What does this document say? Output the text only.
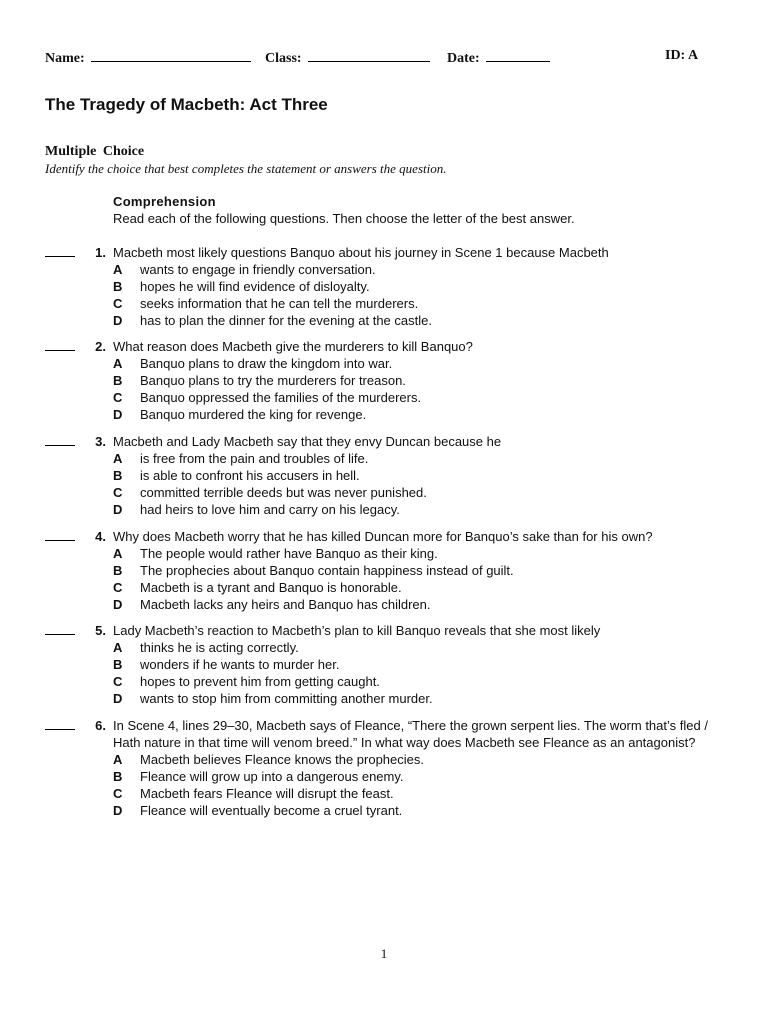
Name:	Class:	Date:	ID: A
The Tragedy of Macbeth: Act Three
Multiple Choice
Identify the choice that best completes the statement or answers the question.
Comprehension
Read each of the following questions. Then choose the letter of the best answer.
1. Macbeth most likely questions Banquo about his journey in Scene 1 because Macbeth
A wants to engage in friendly conversation.
B hopes he will find evidence of disloyalty.
C seeks information that he can tell the murderers.
D has to plan the dinner for the evening at the castle.
2. What reason does Macbeth give the murderers to kill Banquo?
A Banquo plans to draw the kingdom into war.
B Banquo plans to try the murderers for treason.
C Banquo oppressed the families of the murderers.
D Banquo murdered the king for revenge.
3. Macbeth and Lady Macbeth say that they envy Duncan because he
A is free from the pain and troubles of life.
B is able to confront his accusers in hell.
C committed terrible deeds but was never punished.
D had heirs to love him and carry on his legacy.
4. Why does Macbeth worry that he has killed Duncan more for Banquo’s sake than for his own?
A The people would rather have Banquo as their king.
B The prophecies about Banquo contain happiness instead of guilt.
C Macbeth is a tyrant and Banquo is honorable.
D Macbeth lacks any heirs and Banquo has children.
5. Lady Macbeth’s reaction to Macbeth’s plan to kill Banquo reveals that she most likely
A thinks he is acting correctly.
B wonders if he wants to murder her.
C hopes to prevent him from getting caught.
D wants to stop him from committing another murder.
6. In Scene 4, lines 29–30, Macbeth says of Fleance, “There the grown serpent lies. The worm that’s fled / Hath nature in that time will venom breed.” In what way does Macbeth see Fleance as an antagonist?
A Macbeth believes Fleance knows the prophecies.
B Fleance will grow up into a dangerous enemy.
C Macbeth fears Fleance will disrupt the feast.
D Fleance will eventually become a cruel tyrant.
1
